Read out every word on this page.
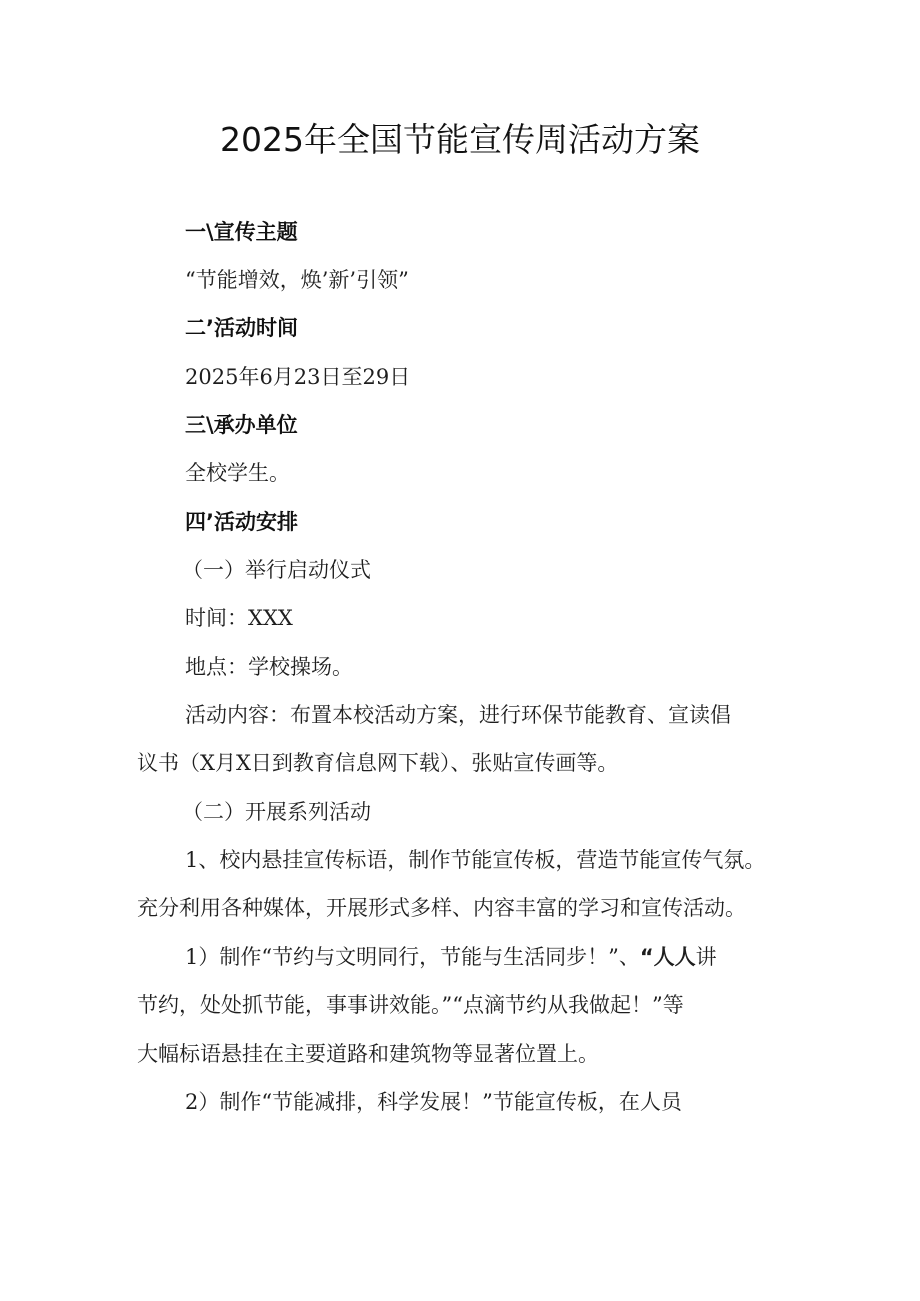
2025年全国节能宣传周活动方案
一\宣传主题
“节能增效，焕’新’引领”
二’活动时间
2025年6月23日至29日
三\承办单位
全校学生。
四’活动安排
（一）举行启动仪式
时间：XXX
地点：学校操场。
活动内容：布置本校活动方案，进行环保节能教育、宣读倡
议书（X月X日到教育信息网下载）、张贴宣传画等。
（二）开展系列活动
1、校内悬挂宣传标语，制作节能宣传板，营造节能宣传气氛。
充分利用各种媒体，开展形式多样、内容丰富的学习和宣传活动。
1）制作“节约与文明同行，节能与生活同步！”、“人人讲
节约，处处抓节能，事事讲效能。”“点滴节约从我做起！”等
大幅标语悬挂在主要道路和建筑物等显著位置上。
2）制作“节能减排，科学发展！”节能宣传板，在人员
